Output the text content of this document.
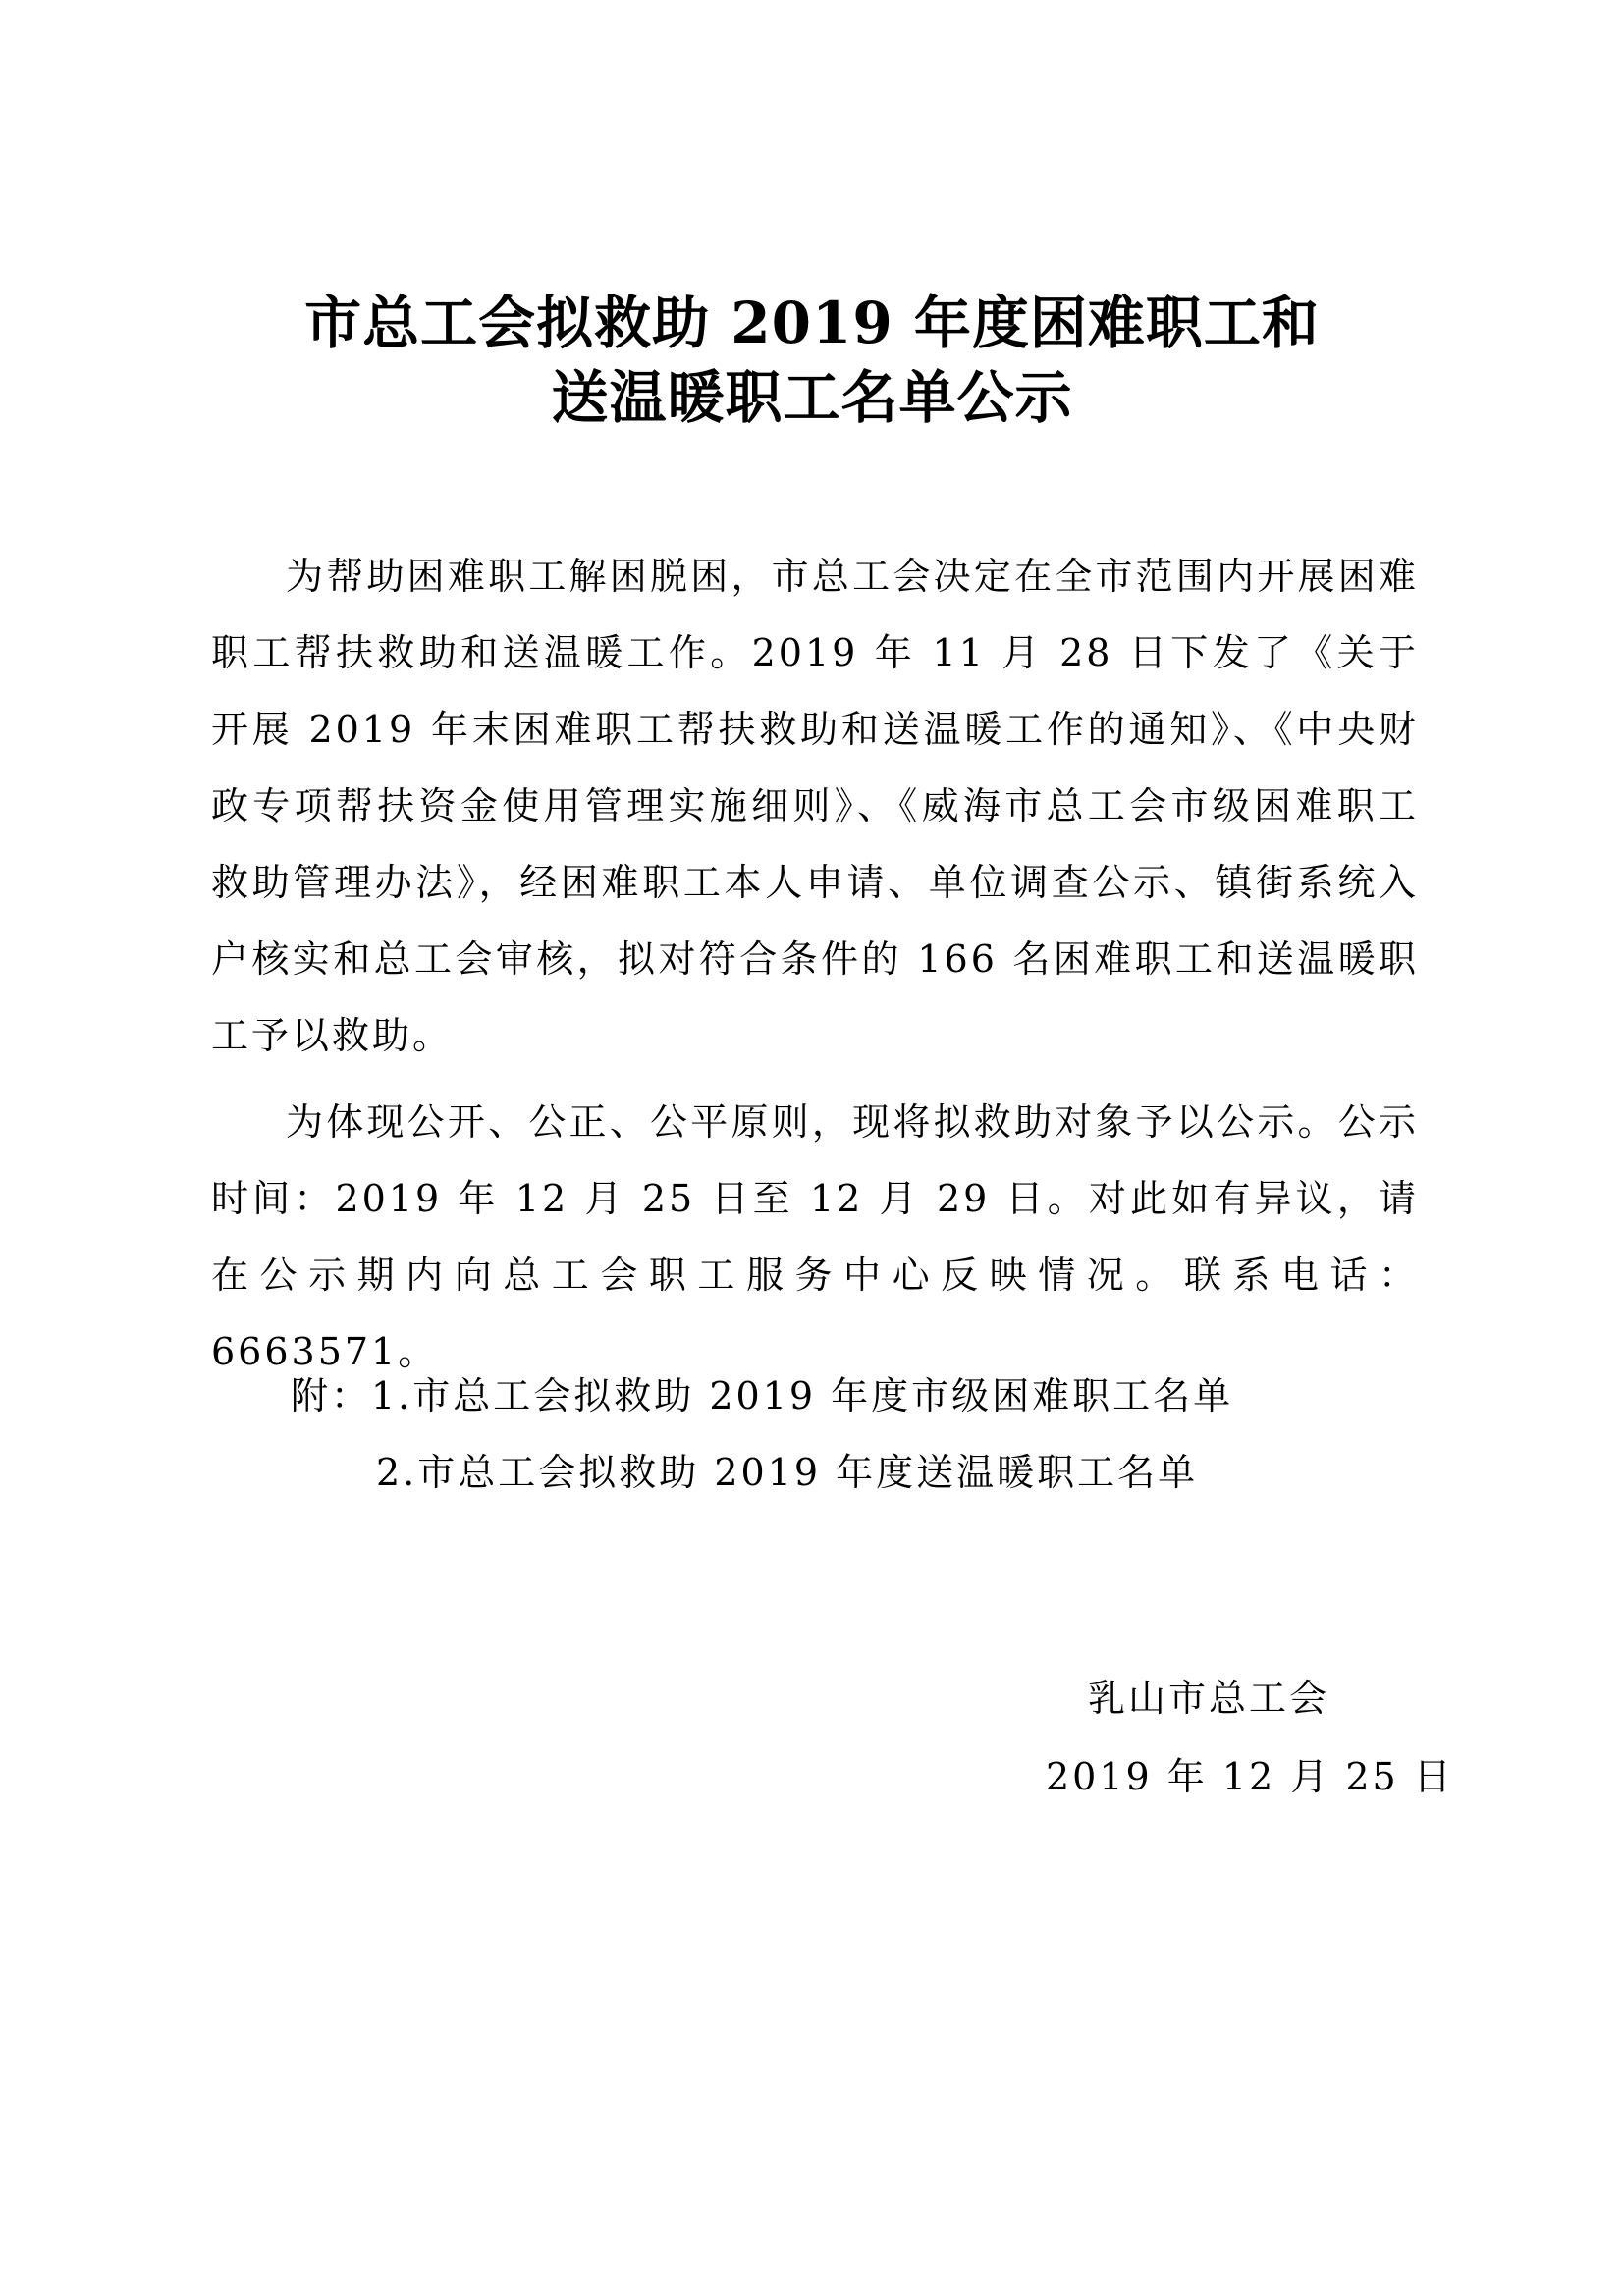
市总工会拟救助 2019 年度困难职工和
送温暖职工名单公示

为帮助困难职工解困脱困，市总工会决定在全市范围内开展困难职工帮扶救助和送温暖工作。2019 年 11 月 28 日下发了《关于开展 2019 年末困难职工帮扶救助和送温暖工作的通知》、《中央财政专项帮扶资金使用管理实施细则》、《威海市总工会市级困难职工救助管理办法》，经困难职工本人申请、单位调查公示、镇街系统入户核实和总工会审核，拟对符合条件的 166 名困难职工和送温暖职工予以救助。

为体现公开、公正、公平原则，现将拟救助对象予以公示。公示时间：2019 年 12 月 25 日至 12 月 29 日。对此如有异议，请在公示期内向总工会职工服务中心反映情况。联系电话：6663571。

附：1.市总工会拟救助 2019 年度市级困难职工名单
2.市总工会拟救助 2019 年度送温暖职工名单
乳山市总工会
2019 年 12 月 25 日
